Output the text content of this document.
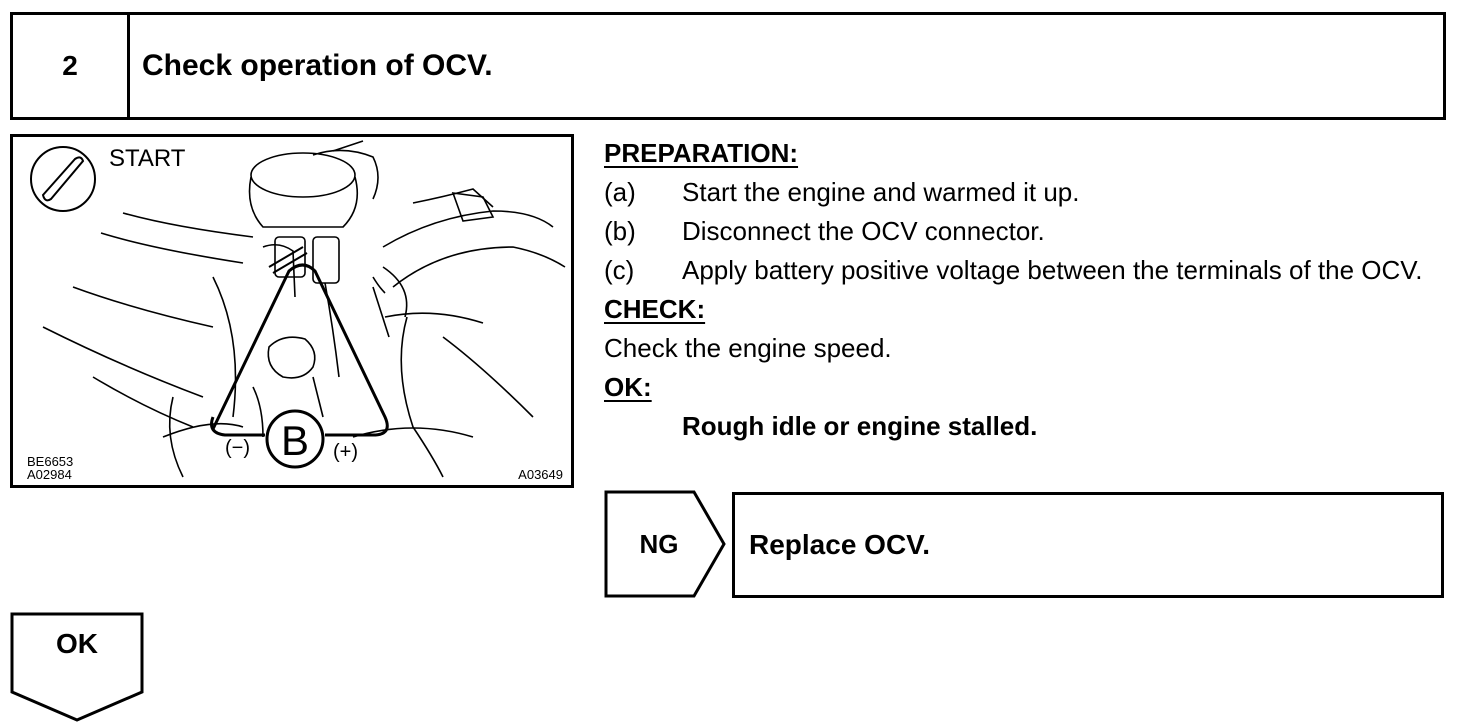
2	Check operation of OCV.
B
START
(−)	(+)
BE6653
A02984	A03649
PREPARATION:
(a)	Start the engine and warmed it up.
(b)	Disconnect the OCV connector.
(c)	Apply battery positive voltage between the terminals of the OCV.
CHECK:
Check the engine speed.
OK:
Rough idle or engine stalled.
NG	Replace OCV.
OK
